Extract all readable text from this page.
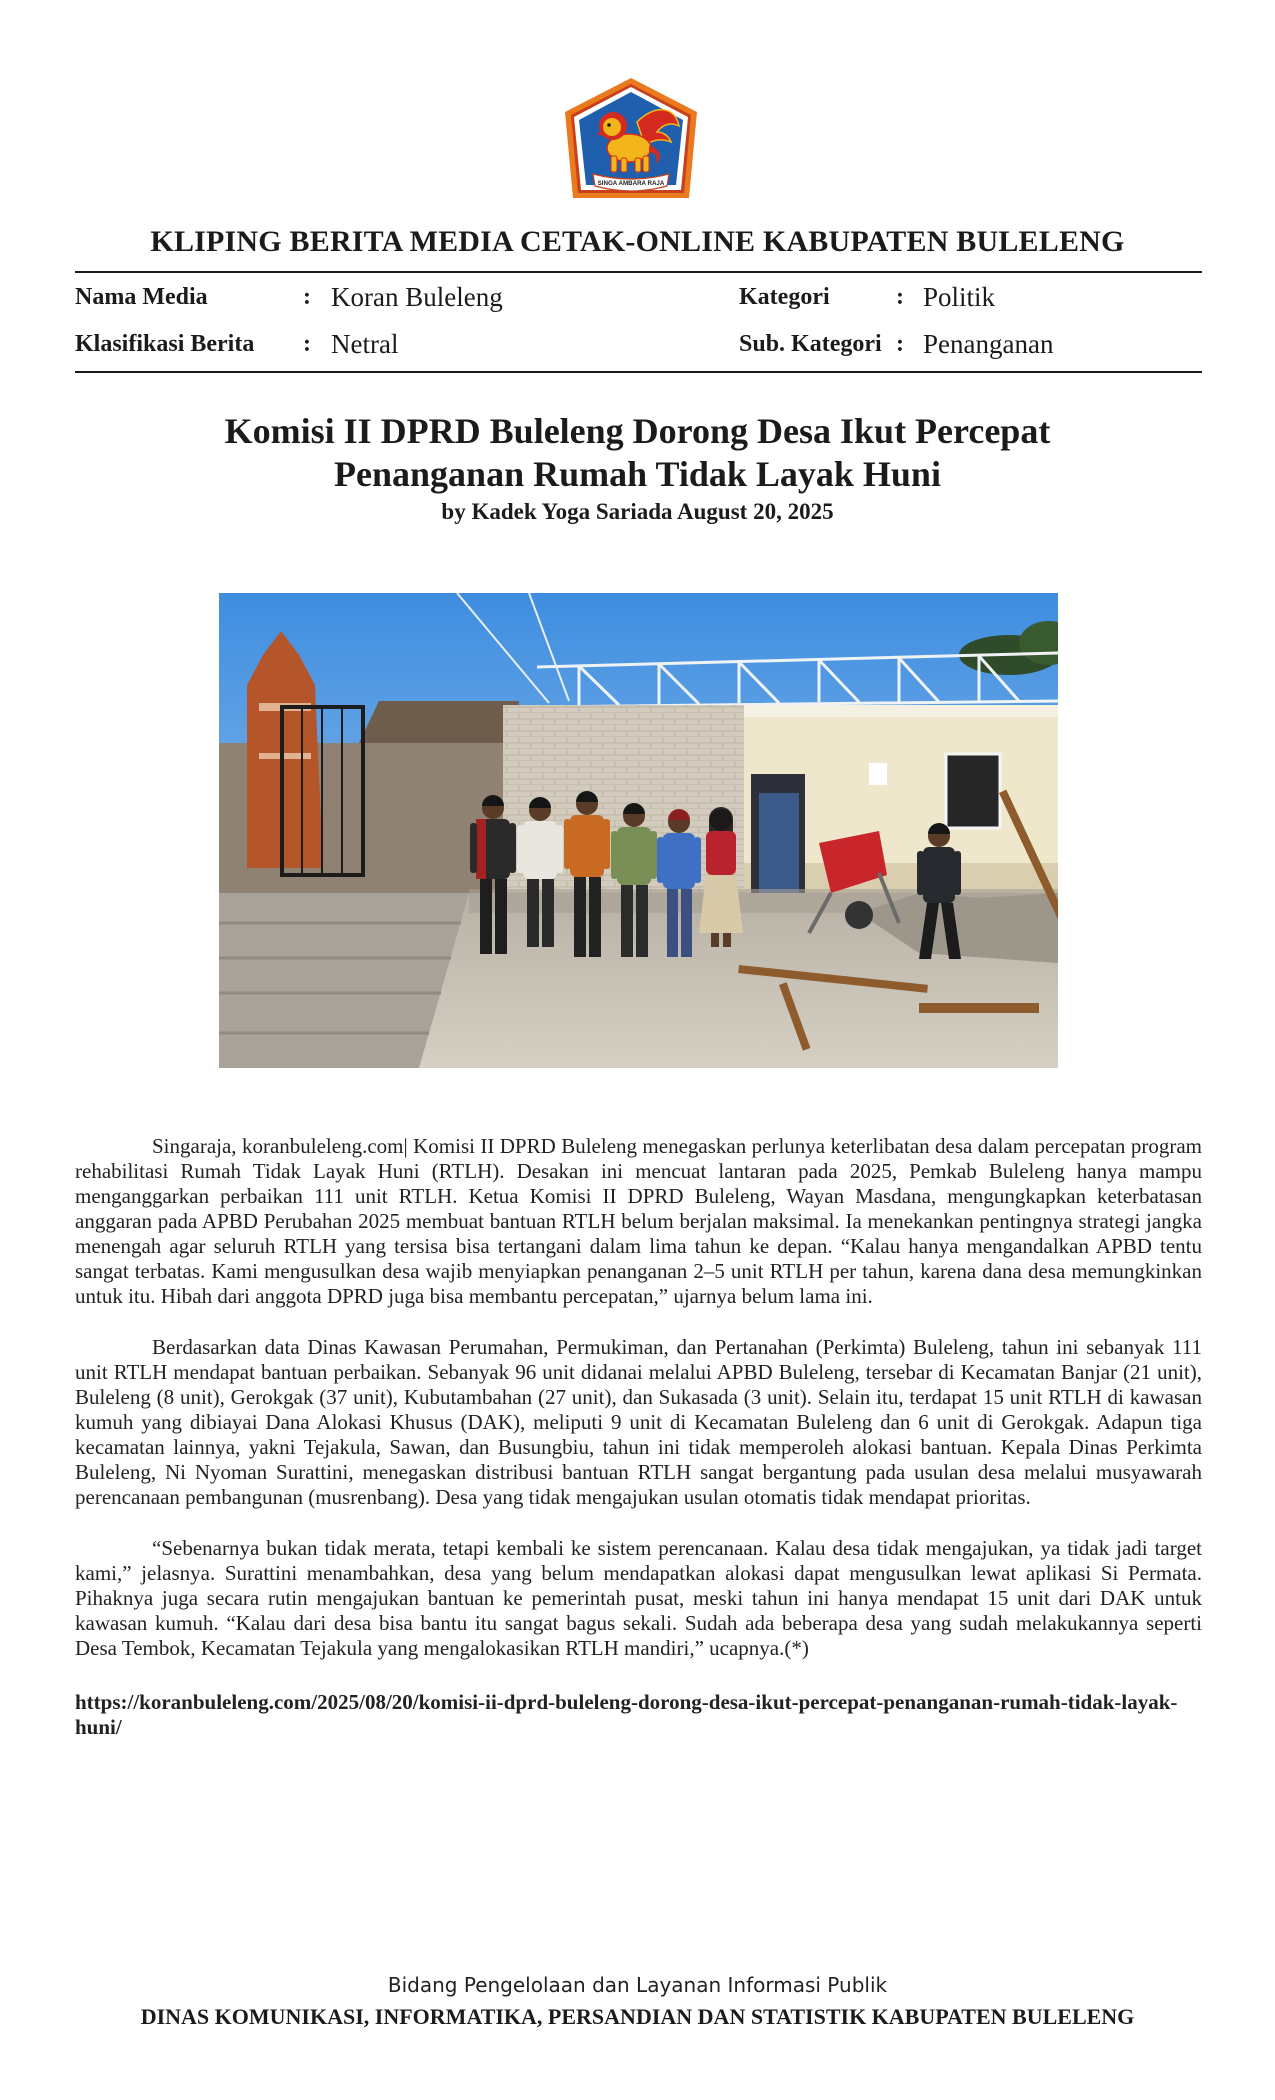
SINGA AMBARA RAJA
KLIPING BERITA MEDIA CETAK-ONLINE KABUPATEN BULELENG
Nama Media	: Koran Buleleng	Kategori	: Politik
Klasifikasi Berita : Netral	Sub. Kategori : Penanganan
Komisi II DPRD Buleleng Dorong Desa Ikut Percepat
Penanganan Rumah Tidak Layak Huni
by Kadek Yoga Sariada August 20, 2025

Singaraja, koranbuleleng.com| Komisi II DPRD Buleleng menegaskan perlunya keterlibatan desa dalam percepatan program rehabilitasi Rumah Tidak Layak Huni (RTLH). Desakan ini mencuat lantaran pada 2025, Pemkab Buleleng hanya mampu menganggarkan perbaikan 111 unit RTLH. Ketua Komisi II DPRD Buleleng, Wayan Masdana, mengungkapkan keterbatasan anggaran pada APBD Perubahan 2025 membuat bantuan RTLH belum berjalan maksimal. Ia menekankan pentingnya strategi jangka menengah agar seluruh RTLH yang tersisa bisa tertangani dalam lima tahun ke depan. “Kalau hanya mengandalkan APBD tentu sangat terbatas. Kami mengusulkan desa wajib menyiapkan penanganan 2–5 unit RTLH per tahun, karena dana desa memungkinkan untuk itu. Hibah dari anggota DPRD juga bisa membantu percepatan,” ujarnya belum lama ini.

Berdasarkan data Dinas Kawasan Perumahan, Permukiman, dan Pertanahan (Perkimta) Buleleng, tahun ini sebanyak 111 unit RTLH mendapat bantuan perbaikan. Sebanyak 96 unit didanai melalui APBD Buleleng, tersebar di Kecamatan Banjar (21 unit), Buleleng (8 unit), Gerokgak (37 unit), Kubutambahan (27 unit), dan Sukasada (3 unit). Selain itu, terdapat 15 unit RTLH di kawasan kumuh yang dibiayai Dana Alokasi Khusus (DAK), meliputi 9 unit di Kecamatan Buleleng dan 6 unit di Gerokgak. Adapun tiga kecamatan lainnya, yakni Tejakula, Sawan, dan Busungbiu, tahun ini tidak memperoleh alokasi bantuan. Kepala Dinas Perkimta Buleleng, Ni Nyoman Surattini, menegaskan distribusi bantuan RTLH sangat bergantung pada usulan desa melalui musyawarah perencanaan pembangunan (musrenbang). Desa yang tidak mengajukan usulan otomatis tidak mendapat prioritas.

“Sebenarnya bukan tidak merata, tetapi kembali ke sistem perencanaan. Kalau desa tidak mengajukan, ya tidak jadi target kami,” jelasnya. Surattini menambahkan, desa yang belum mendapatkan alokasi dapat mengusulkan lewat aplikasi Si Permata. Pihaknya juga secara rutin mengajukan bantuan ke pemerintah pusat, meski tahun ini hanya mendapat 15 unit dari DAK untuk kawasan kumuh. “Kalau dari desa bisa bantu itu sangat bagus sekali. Sudah ada beberapa desa yang sudah melakukannya seperti Desa Tembok, Kecamatan Tejakula yang mengalokasikan RTLH mandiri,” ucapnya.(*)

https://koranbuleleng.com/2025/08/20/komisi-ii-dprd-buleleng-dorong-desa-ikut-percepat-penanganan-rumah-tidak-layak-huni/

Bidang Pengelolaan dan Layanan Informasi Publik
DINAS KOMUNIKASI, INFORMATIKA, PERSANDIAN DAN STATISTIK KABUPATEN BULELENG
